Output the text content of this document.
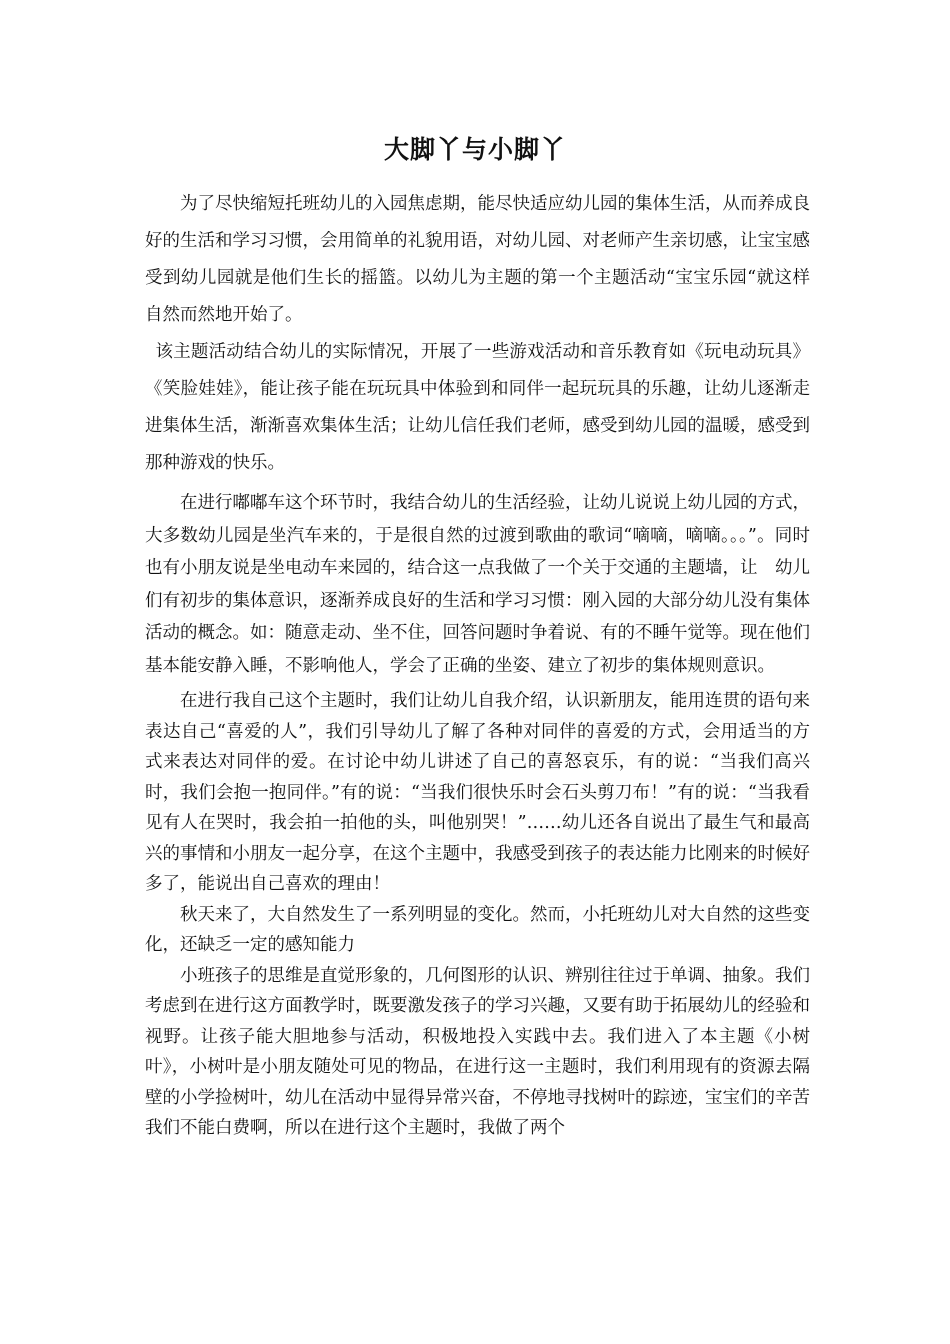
大脚丫与小脚丫

为了尽快缩短托班幼儿的入园焦虑期，能尽快适应幼儿园的集体生活，从而养成良好的生活和学习习惯，会用简单的礼貌用语，对幼儿园、对老师产生亲切感，让宝宝感受到幼儿园就是他们生长的摇篮。以幼儿为主题的第一个主题活动“宝宝乐园“就这样自然而然地开始了。

该主题活动结合幼儿的实际情况，开展了一些游戏活动和音乐教育如《玩电动玩具》《笑脸娃娃》，能让孩子能在玩玩具中体验到和同伴一起玩玩具的乐趣，让幼儿逐渐走进集体生活，渐渐喜欢集体生活；让幼儿信任我们老师，感受到幼儿园的温暖，感受到那种游戏的快乐。

在进行嘟嘟车这个环节时，我结合幼儿的生活经验，让幼儿说说上幼儿园的方式，大多数幼儿园是坐汽车来的，于是很自然的过渡到歌曲的歌词“嘀嘀，嘀嘀。。。”。同时也有小朋友说是坐电动车来园的，结合这一点我做了一个关于交通的主题墙，让　幼儿们有初步的集体意识，逐渐养成良好的生活和学习习惯：刚入园的大部分幼儿没有集体活动的概念。如：随意走动、坐不住，回答问题时争着说、有的不睡午觉等。现在他们基本能安静入睡，不影响他人，学会了正确的坐姿、建立了初步的集体规则意识。

在进行我自己这个主题时，我们让幼儿自我介绍，认识新朋友，能用连贯的语句来表达自己“喜爱的人”，我们引导幼儿了解了各种对同伴的喜爱的方式，会用适当的方式来表达对同伴的爱。在讨论中幼儿讲述了自己的喜怒哀乐，有的说：“当我们高兴时，我们会抱一抱同伴。”有的说：“当我们很快乐时会石头剪刀布！”有的说：“当我看见有人在哭时，我会拍一拍他的头，叫他别哭！”……幼儿还各自说出了最生气和最高兴的事情和小朋友一起分享，在这个主题中，我感受到孩子的表达能力比刚来的时候好多了，能说出自己喜欢的理由！

秋天来了，大自然发生了一系列明显的变化。然而，小托班幼儿对大自然的这些变化，还缺乏一定的感知能力

小班孩子的思维是直觉形象的，几何图形的认识、辨别往往过于单调、抽象。我们考虑到在进行这方面教学时，既要激发孩子的学习兴趣，又要有助于拓展幼儿的经验和视野。让孩子能大胆地参与活动，积极地投入实践中去。我们进入了本主题《小树叶》，小树叶是小朋友随处可见的物品，在进行这一主题时，我们利用现有的资源去隔壁的小学捡树叶，幼儿在活动中显得异常兴奋，不停地寻找树叶的踪迹，宝宝们的辛苦我们不能白费啊，所以在进行这个主题时，我做了两个
